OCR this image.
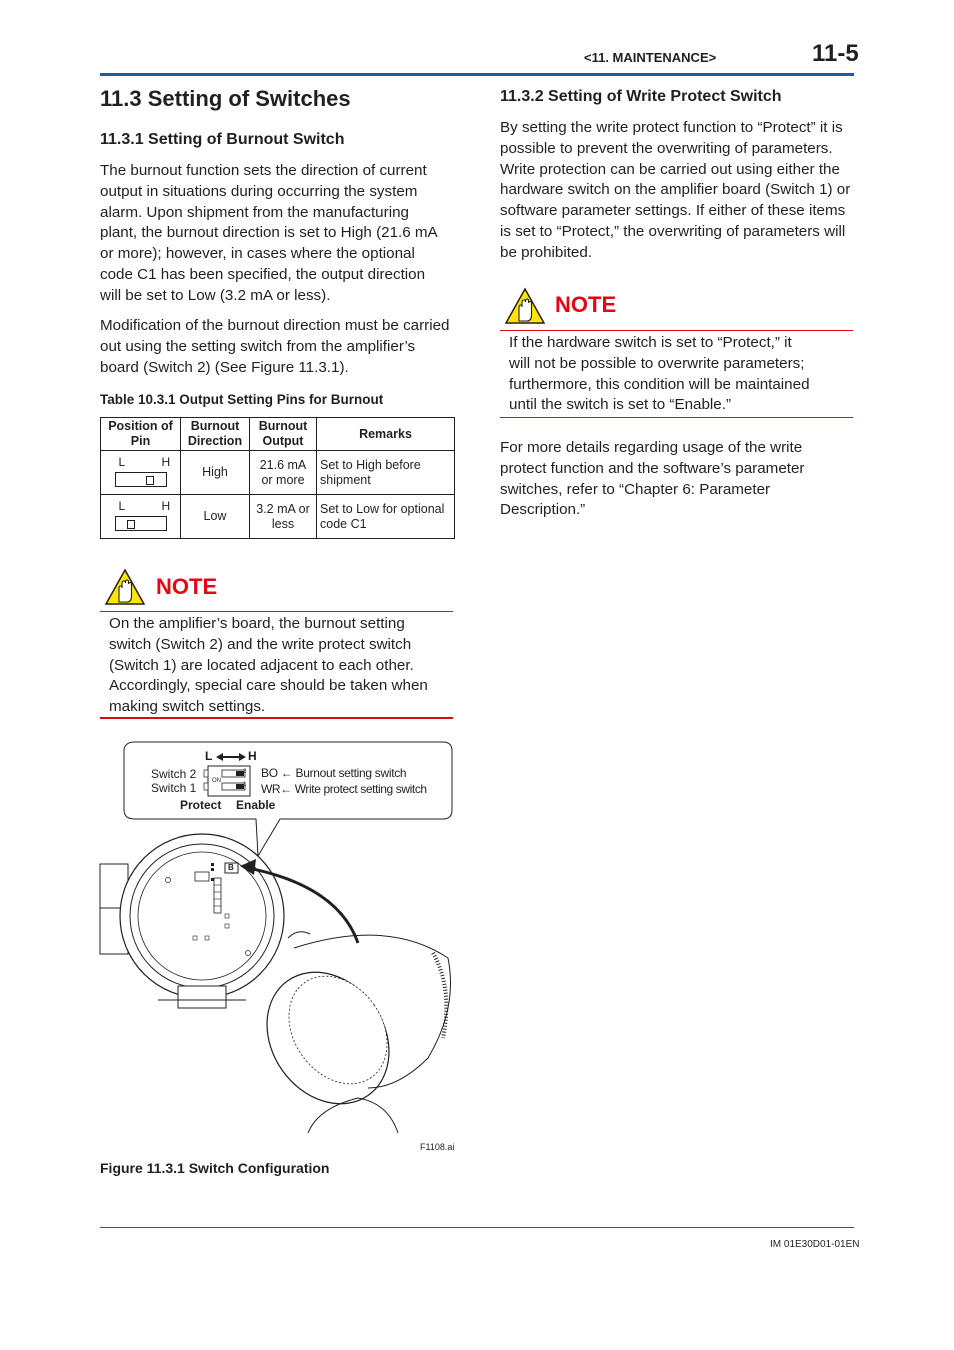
<11. MAINTENANCE>	11-5
11.3 Setting of Switches
11.3.1 Setting of Burnout Switch
The burnout function sets the direction of current
output in situations during occurring the system
alarm. Upon shipment from the manufacturing
plant, the burnout direction is set to High (21.6 mA
or more); however, in cases where the optional
code C1 has been specified, the output direction
will be set to Low (3.2 mA or less).
Modification of the burnout direction must be carried
out using the setting switch from the amplifier’s
board (Switch 2) (See Figure 11.3.1).
Table 10.3.1 Output Setting Pins for Burnout
Position of Pin	Burnout Direction	Burnout Output	Remarks

L H	High	21.6 mA or more	Set to High before shipment

L H	Low	3.2 mA or less	Set to Low for optional code C1
NOTE
On the amplifier’s board, the burnout setting
switch (Switch 2) and the write protect switch
(Switch 1) are located adjacent to each other.
Accordingly, special care should be taken when
making switch settings.
L	H
Switch 2
Switch 1
BO ← Burnout setting switch
WR← Write protect setting switch
Protect Enable
ON
2
1
B
F1108.ai
Figure 11.3.1 Switch Configuration
11.3.2 Setting of Write Protect Switch
By setting the write protect function to “Protect” it is
possible to prevent the overwriting of parameters.
Write protection can be carried out using either the
hardware switch on the amplifier board (Switch 1) or
software parameter settings. If either of these items
is set to “Protect,” the overwriting of parameters will
be prohibited.
NOTE
If the hardware switch is set to “Protect,” it
will not be possible to overwrite parameters;
furthermore, this condition will be maintained
until the switch is set to “Enable.”
For more details regarding usage of the write
protect function and the software’s parameter
switches, refer to “Chapter 6: Parameter
Description.”
IM 01E30D01-01EN
